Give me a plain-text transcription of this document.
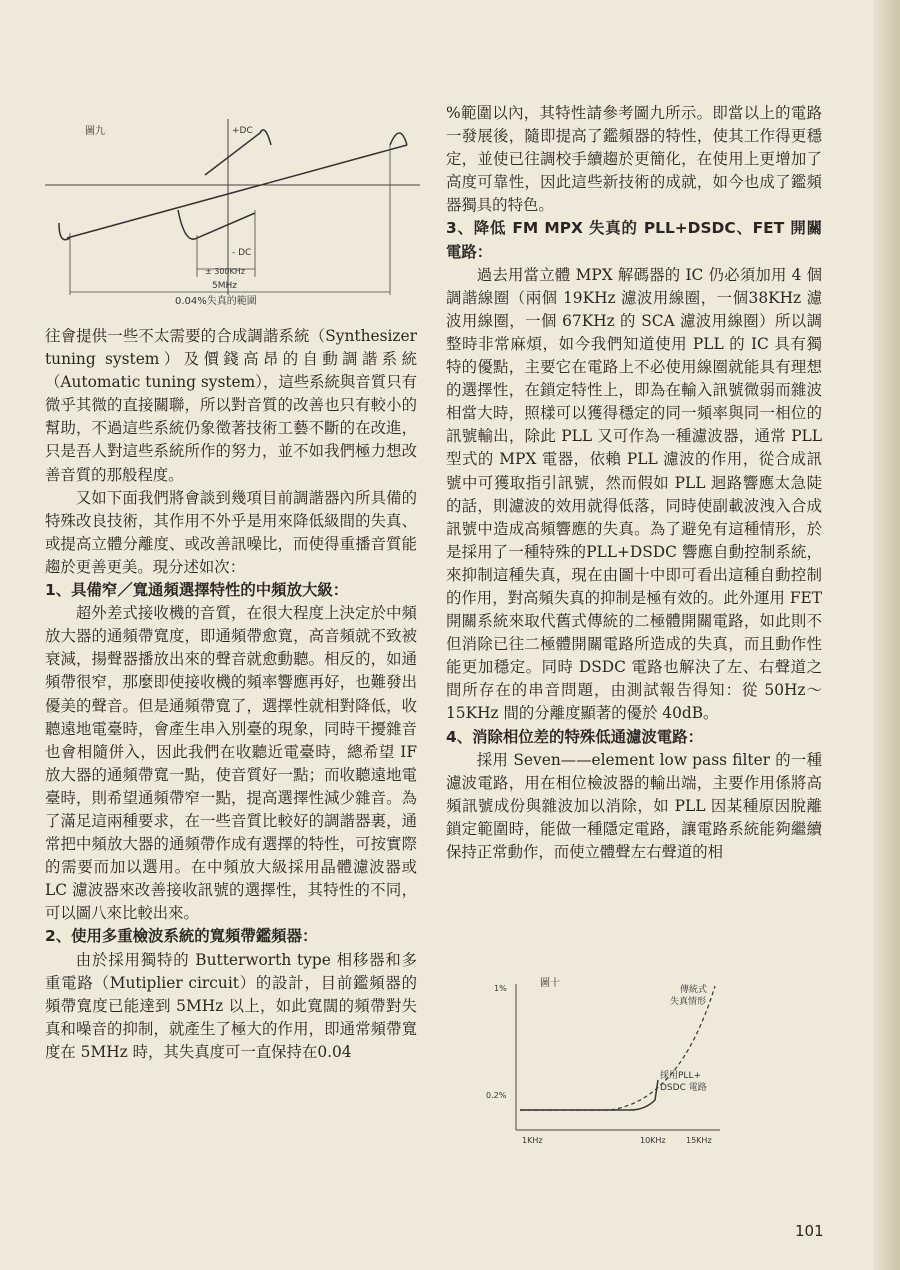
圖九	+DC
- DC
± 300KHz
5MHz
0.04%失真的範圍

往會提供一些不太需要的合成調諧系統（Synthesizer tuning system）及價錢高昂的自動調諧系統（Automatic tuning system），這些系統與音質只有微乎其微的直接關聯，所以對音質的改善也只有較小的幫助，不過這些系統仍象徵著技術工藝不斷的在改進，只是吾人對這些系統所作的努力，並不如我們極力想改善音質的那般程度。

又如下面我們將會談到幾項目前調諧器內所具備的特殊改良技術，其作用不外乎是用來降低級間的失真、或提高立體分離度、或改善訊噪比，而使得重播音質能趨於更善更美。現分述如次：

1、具備窄／寬通頻選擇特性的中頻放大級：

超外差式接收機的音質，在很大程度上決定於中頻放大器的通頻帶寬度，即通頻帶愈寬，高音頻就不致被衰減，揚聲器播放出來的聲音就愈動聽。相反的，如通頻帶很窄，那麼即使接收機的頻率響應再好，也難發出優美的聲音。但是通頻帶寬了，選擇性就相對降低，收聽遠地電臺時，會產生串入別臺的現象，同時干擾雜音也會相隨併入，因此我們在收聽近電臺時，總希望 IF 放大器的通頻帶寬一點，使音質好一點；而收聽遠地電臺時，則希望通頻帶窄一點，提高選擇性減少雜音。為了滿足這兩種要求，在一些音質比較好的調諧器裏，通常把中頻放大器的通頻帶作成有選擇的特性，可按實際的需要而加以選用。在中頻放大級採用晶體濾波器或 LC 濾波器來改善接收訊號的選擇性，其特性的不同，可以圖八來比較出來。

2、使用多重檢波系統的寬頻帶鑑頻器：

由於採用獨特的 Butterworth type 相移器和多重電路（Mutiplier circuit）的設計，目前鑑頻器的頻帶寬度已能達到 5MHz 以上，如此寬闊的頻帶對失真和噪音的抑制，就產生了極大的作用，即通常頻帶寬度在 5MHz 時，其失真度可一直保持在0.04

%範圍以內，其特性請參考圖九所示。即當以上的電路一發展後，隨即提高了鑑頻器的特性，使其工作得更穩定，並使已往調校手續趨於更簡化，在使用上更增加了高度可靠性，因此這些新技術的成就，如今也成了鑑頻器獨具的特色。

3、降低 FM MPX 失真的 PLL+DSDC、FET 開關電路：

過去用當立體 MPX 解碼器的 IC 仍必須加用 4 個調諧線圈（兩個 19KHz 濾波用線圈，一個38KHz 濾波用線圈，一個 67KHz 的 SCA 濾波用線圈）所以調整時非常麻煩，如今我們知道使用 PLL 的 IC 具有獨特的優點，主要它在電路上不必使用線圈就能具有理想的選擇性，在鎖定特性上，即為在輸入訊號微弱而雜波相當大時，照樣可以獲得穩定的同一頻率與同一相位的訊號輸出，除此 PLL 又可作為一種濾波器，通常 PLL 型式的 MPX 電器，依賴 PLL 濾波的作用，從合成訊號中可獲取指引訊號，然而假如 PLL 迴路響應太急陡的話，則濾波的效用就得低落，同時使副載波洩入合成訊號中造成高頻響應的失真。為了避免有這種情形，於是採用了一種特殊的PLL+DSDC 響應自動控制系統，來抑制這種失真，現在由圖十中即可看出這種自動控制的作用，對高頻失真的抑制是極有效的。此外運用 FET 開關系統來取代舊式傳統的二極體開關電路，如此則不但消除已往二極體開關電路所造成的失真，而且動作性能更加穩定。同時 DSDC 電路也解決了左、右聲道之間所存在的串音問題，由測試報告得知：從 50Hz～15KHz 間的分離度顯著的優於 40dB。

4、消除相位差的特殊低通濾波電路：

採用 Seven——element low pass filter 的一種濾波電路，用在相位檢波器的輸出端，主要作用係將高頻訊號成份與雜波加以消除，如 PLL 因某種原因脫離鎖定範圍時，能做一種隱定電路，讓電路系統能夠繼續保持正常動作，而使立體聲左右聲道的相

圖十
1%
0.2%
1KHz	10KHz	15KHz
傳統式
失真情形
採用PLL+
DSDC 電路
101
